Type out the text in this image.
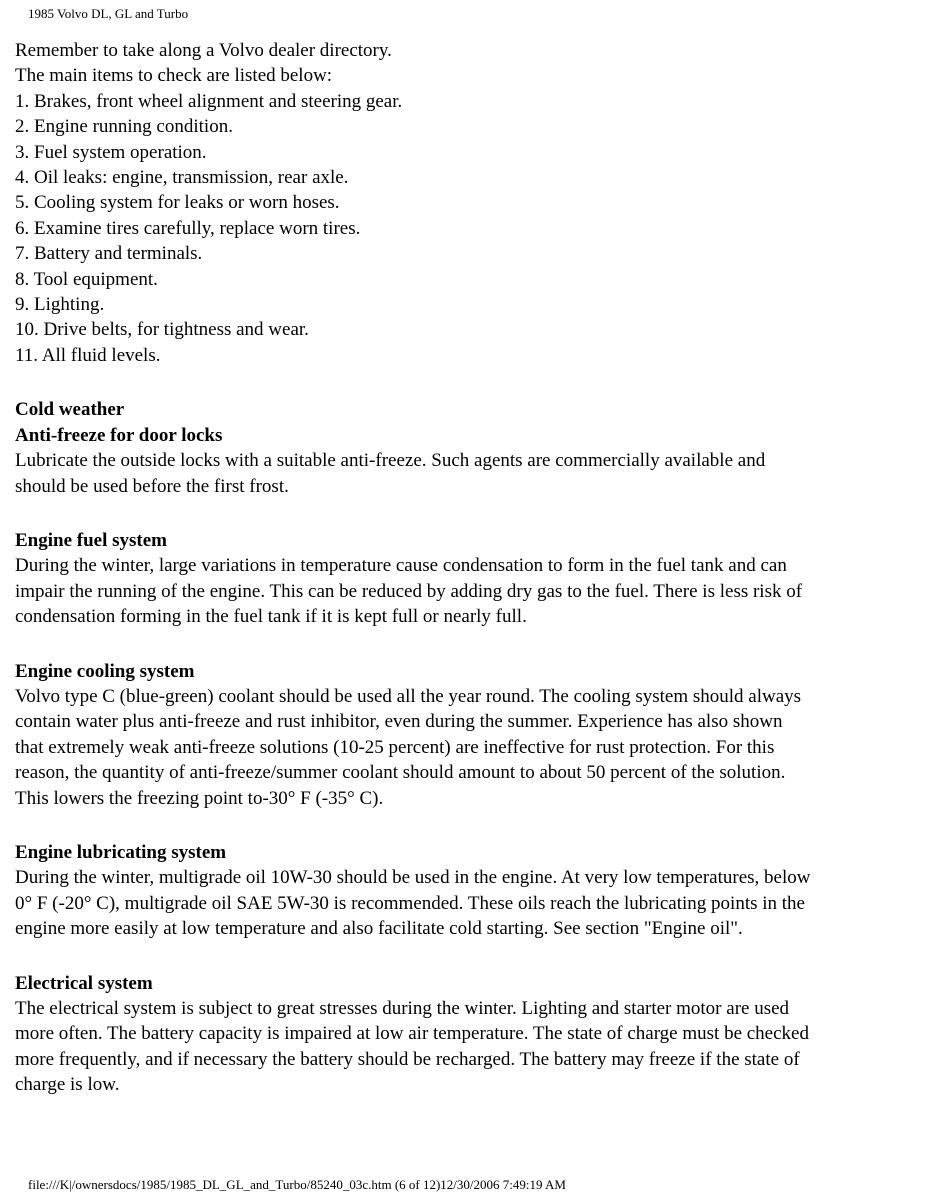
1985 Volvo DL, GL and Turbo
Remember to take along a Volvo dealer directory.
The main items to check are listed below:
1. Brakes, front wheel alignment and steering gear.
2. Engine running condition.
3. Fuel system operation.
4. Oil leaks: engine, transmission, rear axle.
5. Cooling system for leaks or worn hoses.
6. Examine tires carefully, replace worn tires.
7. Battery and terminals.
8. Tool equipment.
9. Lighting.
10. Drive belts, for tightness and wear.
11. All fluid levels.
Cold weather
Anti-freeze for door locks
Lubricate the outside locks with a suitable anti-freeze. Such agents are commercially available and
should be used before the first frost.
Engine fuel system
During the winter, large variations in temperature cause condensation to form in the fuel tank and can
impair the running of the engine. This can be reduced by adding dry gas to the fuel. There is less risk of
condensation forming in the fuel tank if it is kept full or nearly full.
Engine cooling system
Volvo type C (blue-green) coolant should be used all the year round. The cooling system should always
contain water plus anti-freeze and rust inhibitor, even during the summer. Experience has also shown
that extremely weak anti-freeze solutions (10-25 percent) are ineffective for rust protection. For this
reason, the quantity of anti-freeze/summer coolant should amount to about 50 percent of the solution.
This lowers the freezing point to-30° F (-35° C).
Engine lubricating system
During the winter, multigrade oil 10W-30 should be used in the engine. At very low temperatures, below
0° F (-20° C), multigrade oil SAE 5W-30 is recommended. These oils reach the lubricating points in the
engine more easily at low temperature and also facilitate cold starting. See section "Engine oil".
Electrical system
The electrical system is subject to great stresses during the winter. Lighting and starter motor are used
more often. The battery capacity is impaired at low air temperature. The state of charge must be checked
more frequently, and if necessary the battery should be recharged. The battery may freeze if the state of
charge is low.
file:///K|/ownersdocs/1985/1985_DL_GL_and_Turbo/85240_03c.htm (6 of 12)12/30/2006 7:49:19 AM
